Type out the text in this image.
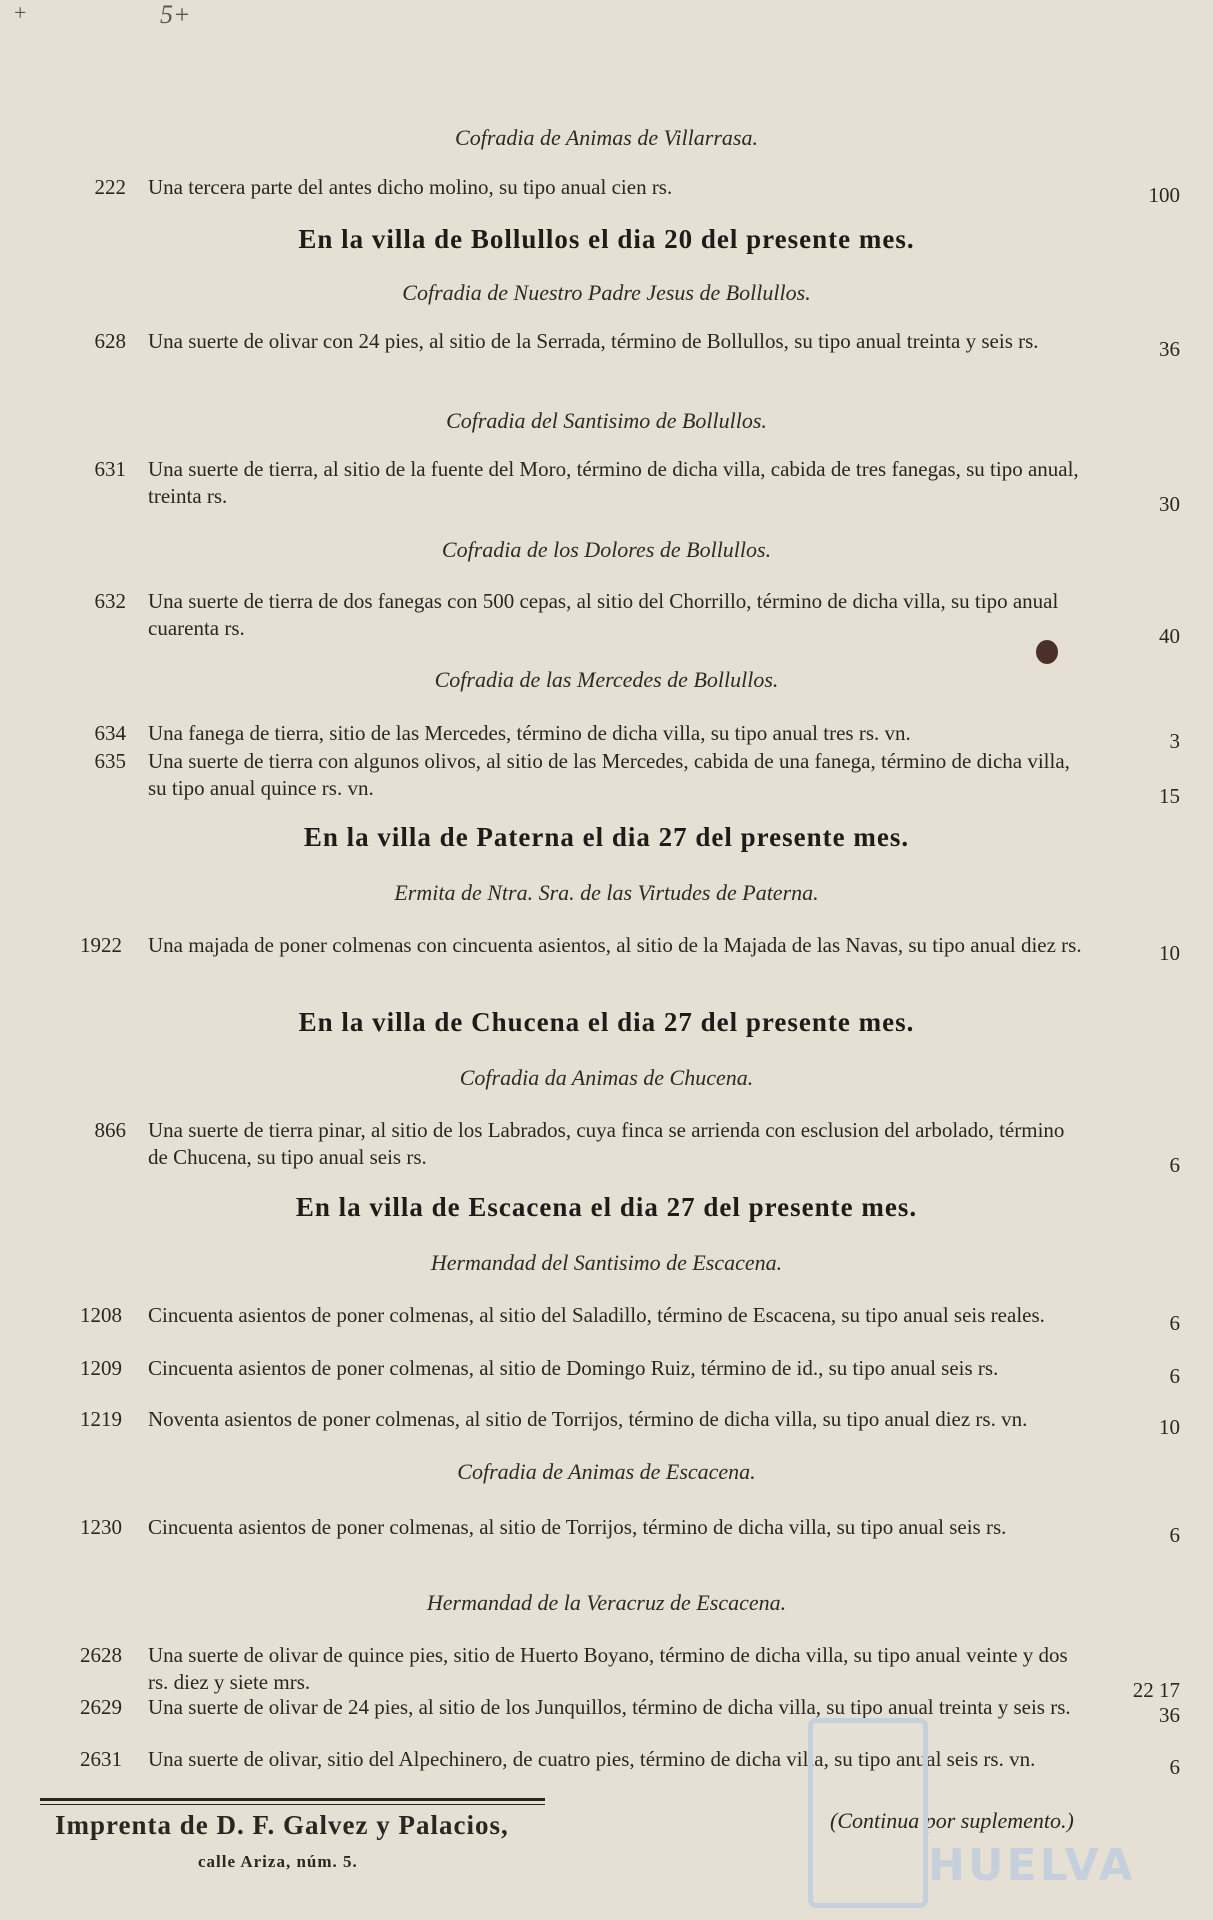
+	5+
Cofradia de Animas de Villarrasa.
222 Una tercera parte del antes dicho molino, su tipo anual cien rs.	100
En la villa de Bollullos el dia 20 del presente mes.
Cofradia de Nuestro Padre Jesus de Bollullos.
628 Una suerte de olivar con 24 pies, al sitio de la Serrada, término de Bollullos, su tipo anual treinta y seis rs.	36
Cofradia del Santisimo de Bollullos.
631 Una suerte de tierra, al sitio de la fuente del Moro, término de dicha villa, cabida de tres fanegas, su tipo anual, treinta rs.	30
Cofradia de los Dolores de Bollullos.
632 Una suerte de tierra de dos fanegas con 500 cepas, al sitio del Chorrillo, término de dicha villa, su tipo anual cuarenta rs.	40
Cofradia de las Mercedes de Bollullos.
634 Una fanega de tierra, sitio de las Mercedes, término de dicha villa, su tipo anual tres rs. vn.	3
635 Una suerte de tierra con algunos olivos, al sitio de las Mercedes, cabida de una fanega, término de dicha villa, su tipo anual quince rs. vn.	15
En la villa de Paterna el dia 27 del presente mes.
Ermita de Ntra. Sra. de las Virtudes de Paterna.
1922 Una majada de poner colmenas con cincuenta asientos, al sitio de la Majada de las Navas, su tipo anual diez rs.	10
En la villa de Chucena el dia 27 del presente mes.
Cofradia da Animas de Chucena.
866 Una suerte de tierra pinar, al sitio de los Labrados, cuya finca se arrienda con esclusion del arbolado, término de Chucena, su tipo anual seis rs.	6
En la villa de Escacena el dia 27 del presente mes.
Hermandad del Santisimo de Escacena.
1208 Cincuenta asientos de poner colmenas, al sitio del Saladillo, término de Escacena, su tipo anual seis reales.	6
1209 Cincuenta asientos de poner colmenas, al sitio de Domingo Ruiz, término de id., su tipo anual seis rs.	6
1219 Noventa asientos de poner colmenas, al sitio de Torrijos, término de dicha villa, su tipo anual diez rs. vn.	10
Cofradia de Animas de Escacena.
1230 Cincuenta asientos de poner colmenas, al sitio de Torrijos, término de dicha villa, su tipo anual seis rs.	6
Hermandad de la Veracruz de Escacena.
2628 Una suerte de olivar de quince pies, sitio de Huerto Boyano, término de dicha villa, su tipo anual veinte y dos rs. diez y siete mrs.	22 17
2629 Una suerte de olivar de 24 pies, al sitio de los Junquillos, término de dicha villa, su tipo anual treinta y seis rs.	36
2631 Una suerte de olivar, sitio del Alpechinero, de cuatro pies, término de dicha villa, su tipo anual seis rs. vn.	6
Imprenta de D. F. Galvez y Palacios,
calle Ariza, núm. 5.
(Continua por suplemento.)
HUELVA
